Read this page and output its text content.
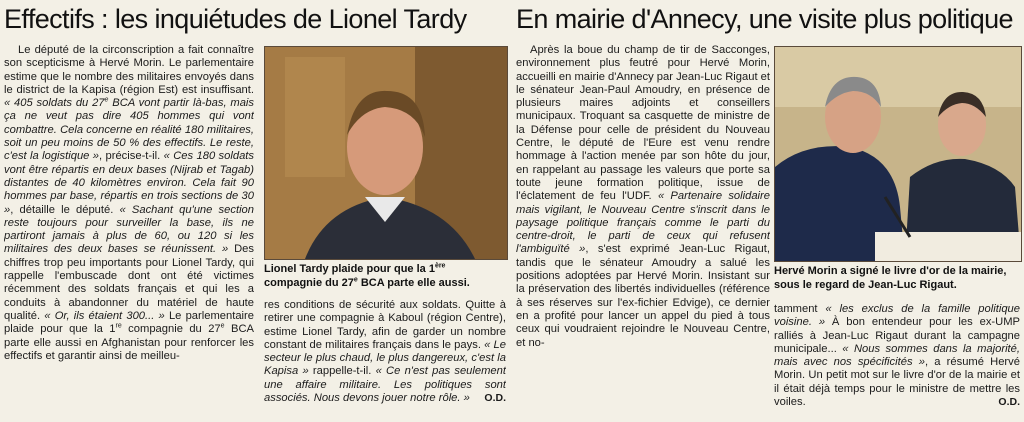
Effectifs : les inquiétudes de Lionel Tardy En mairie d'Annecy, une visite plus politique

Le député de la circonscription a fait connaître son scepticisme à Hervé Morin. Le parlementaire estime que le nombre des militaires envoyés dans le district de la Kapisa (région Est) est insuffisant. « 405 soldats du 27e BCA vont partir là-bas, mais ça ne veut pas dire 405 hommes qui vont combattre. Cela concerne en réalité 180 militaires, soit un peu moins de 50 % des effectifs. Le reste, c'est la logistique », précise-t-il. « Ces 180 soldats vont être répartis en deux bases (Nijrab et Tagab) distantes de 40 kilomètres environ. Cela fait 90 hommes par base, répartis en trois sections de 30 », détaille le député. « Sachant qu'une section reste toujours pour surveiller la base, ils ne partiront jamais à plus de 60, ou 120 si les militaires des deux bases se réunissent. » Des chiffres trop peu importants pour Lionel Tardy, qui rappelle l'embuscade dont ont été victimes récemment des soldats français et qui les a conduits à abandonner du matériel de haute qualité. « Or, ils étaient 300... » Le parlementaire plaide pour que la 1re compagnie du 27e BCA parte elle aussi en Afghanistan pour renforcer les effectifs et garantir ainsi de meilleu-

Lionel Tardy plaide pour que la 1ère compagnie du 27e BCA parte elle aussi.

res conditions de sécurité aux soldats. Quitte à retirer une compagnie à Kaboul (région Centre), estime Lionel Tardy, afin de garder un nombre constant de militaires français dans le pays. « Le secteur le plus chaud, le plus dangereux, c'est la Kapisa » rappelle-t-il. « Ce n'est pas seulement une affaire militaire. Les politiques sont associés. Nous devons jouer notre rôle. » O.D.

Après la boue du champ de tir de Sacconges, environnement plus feutré pour Hervé Morin, accueilli en mairie d'Annecy par Jean-Luc Rigaut et le sénateur Jean-Paul Amoudry, en présence de plusieurs maires adjoints et conseillers municipaux. Troquant sa casquette de ministre de la Défense pour celle de président du Nouveau Centre, le député de l'Eure est venu rendre hommage à l'action menée par son hôte du jour, en rappelant au passage les valeurs que porte sa toute jeune formation politique, issue de l'éclatement de feu l'UDF. « Partenaire solidaire mais vigilant, le Nouveau Centre s'inscrit dans le paysage politique français comme le parti du centre-droit, le parti de ceux qui refusent l'ambiguïté », s'est exprimé Jean-Luc Rigaut, tandis que le sénateur Amoudry a salué les positions adoptées par Hervé Morin. Insistant sur la préservation des libertés individuelles (référence à ses réserves sur l'ex-fichier Edvige), ce dernier en a profité pour lancer un appel du pied à tous ceux qui voudraient rejoindre le Nouveau Centre, et no-

Hervé Morin a signé le livre d'or de la mairie, sous le regard de Jean-Luc Rigaut.

tamment « les exclus de la famille politique voisine. » À bon entendeur pour les ex-UMP ralliés à Jean-Luc Rigaut durant la campagne municipale... « Nous sommes dans la majorité, mais avec nos spécificités », a résumé Hervé Morin. Un petit mot sur le livre d'or de la mairie et il était déjà temps pour le ministre de mettre les voiles.	O.D.
